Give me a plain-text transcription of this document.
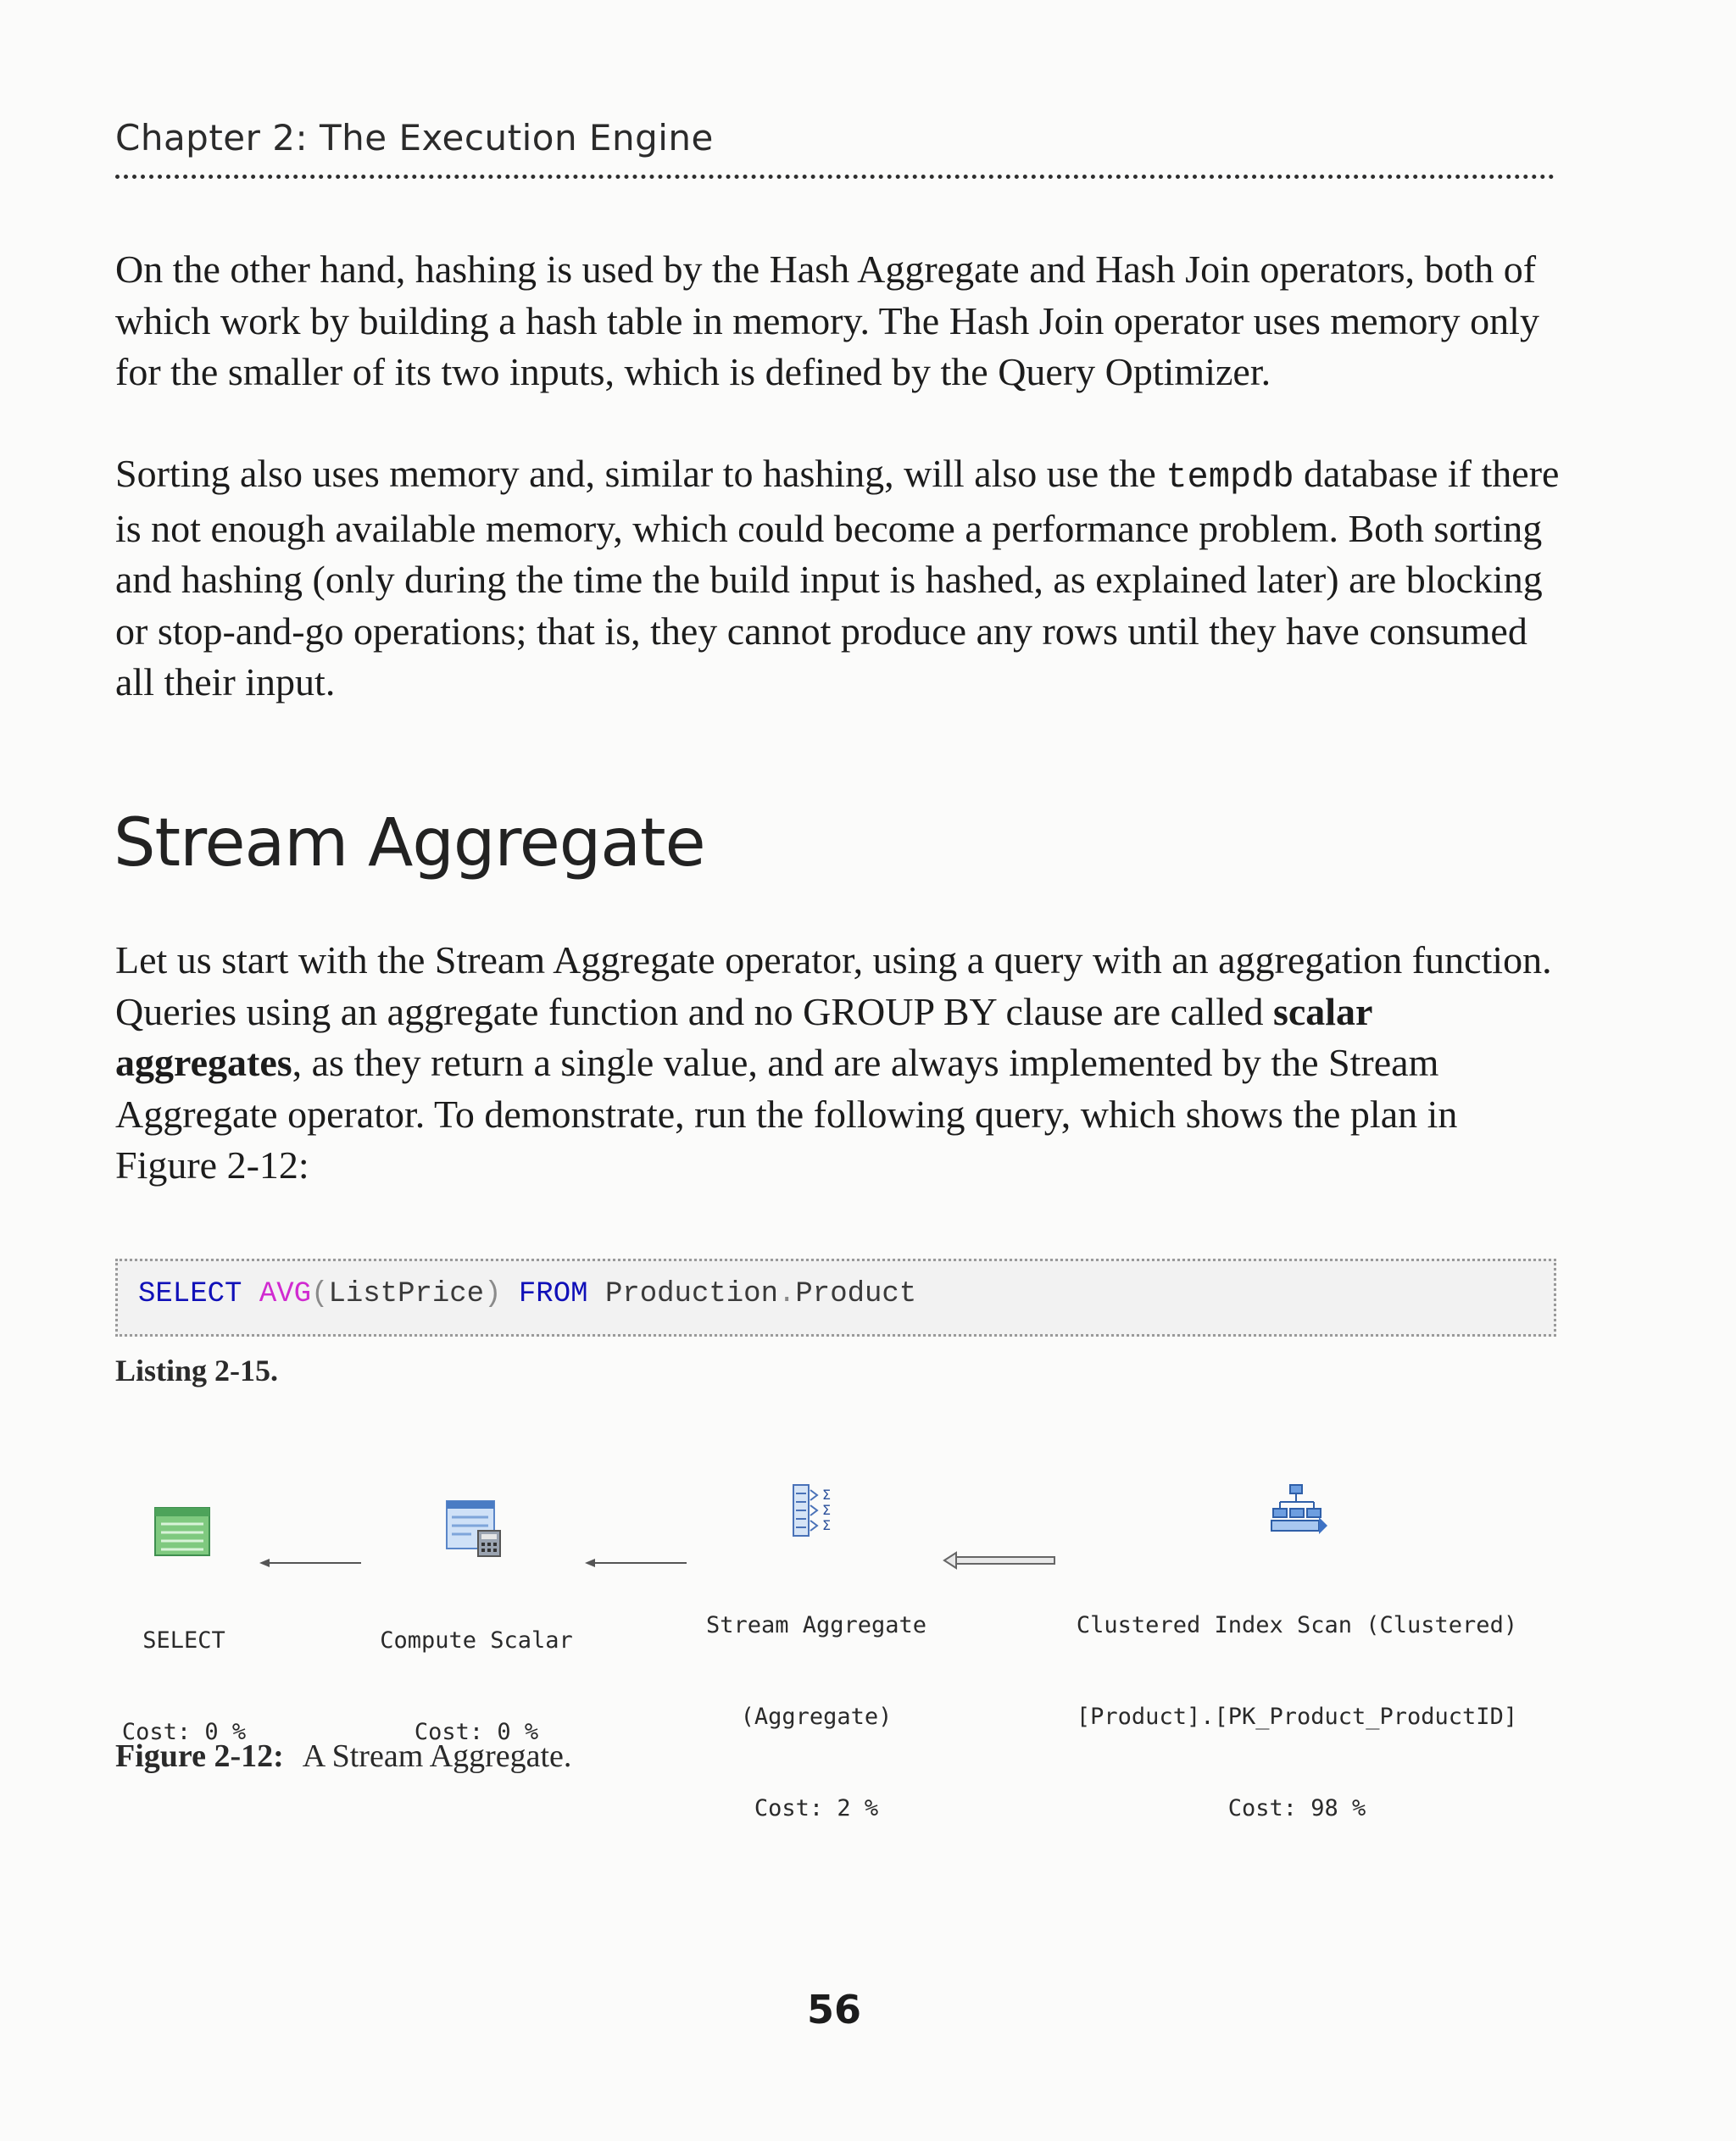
Chapter 2: The Execution Engine

On the other hand, hashing is used by the Hash Aggregate and Hash Join operators, both of which work by building a hash table in memory. The Hash Join operator uses memory only for the smaller of its two inputs, which is defined by the Query Optimizer.

Sorting also uses memory and, similar to hashing, will also use the tempdb database if there is not enough available memory, which could become a performance problem. Both sorting and hashing (only during the time the build input is hashed, as explained later) are blocking or stop-and-go operations; that is, they cannot produce any rows until they have consumed all their input.

Stream Aggregate

Let us start with the Stream Aggregate operator, using a query with an aggregation function. Queries using an aggregate function and no GROUP BY clause are called scalar aggregates, as they return a single value, and are always implemented by the Stream Aggregate operator. To demonstrate, run the following query, which shows the plan in Figure 2-12:

SELECT AVG(ListPrice) FROM Production.Product
Listing 2-15.

SELECT

Cost: 0 %

Compute Scalar

Cost: 0 %

Σ
Σ
Σ

Stream Aggregate

(Aggregate)

Cost: 2 %

Clustered Index Scan (Clustered)

[Product].[PK_Product_ProductID]

Cost: 98 %

Figure 2-12: A Stream Aggregate.
56
